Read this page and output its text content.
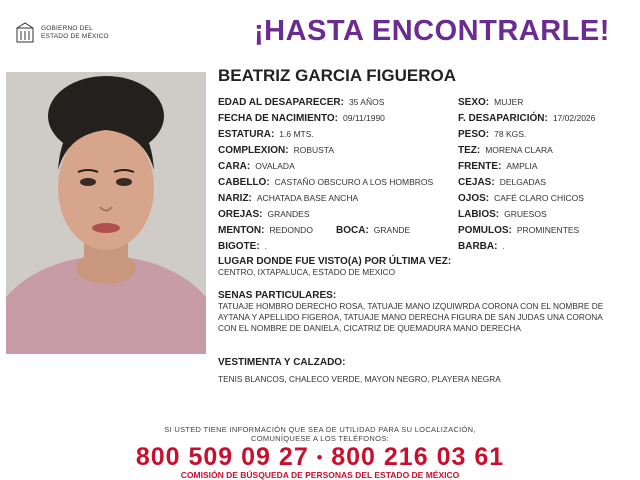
GOBIERNO DEL
ESTADO DE MÉXICO	¡HASTA ENCONTRARLE!
BEATRIZ GARCIA FIGUEROA
EDAD AL DESAPARECER: 35 AÑOS
FECHA DE NACIMIENTO: 09/11/1990
ESTATURA: 1.6 MTS.
COMPLEXION: ROBUSTA
CARA: OVALADA
CABELLO: CASTAÑO OBSCURO A LOS HOMBROS
NARIZ: ACHATADA BASE ANCHA
OREJAS: GRANDES
MENTON: REDONDO BOCA: GRANDE
BIGOTE: .
SEXO: MUJER
F. DESAPARICIÓN: 17/02/2026
PESO: 78 KGS.
TEZ: MORENA CLARA
FRENTE: AMPLIA
CEJAS: DELGADAS
OJOS: CAFÉ CLARO CHICOS
LABIOS: GRUESOS
POMULOS: PROMINENTES
BARBA: .
LUGAR DONDE FUE VISTO(A) POR ÚLTIMA VEZ:
CENTRO, IXTAPALUCA, ESTADO DE MEXICO
SENAS PARTICULARES:
TATUAJE HOMBRO DERECHO ROSA, TATUAJE MANO IZQUIWRDA CORONA CON EL NOMBRE DE AYTANA Y APELLIDO FIGEROA, TATUAJE MANO DERECHA FIGURA DE SAN JUDAS UNA CORONA CON EL NOMBRE DE DANIELA, CICATRIZ DE QUEMADURA MANO DERECHA
VESTIMENTA Y CALZADO:
TENIS BLANCOS, CHALECO VERDE, MAYON NEGRO, PLAYERA NEGRA
SI USTED TIENE INFORMACIÓN QUE SEA DE UTILIDAD PARA SU LOCALIZACIÓN,
COMUNÍQUESE A LOS TELÉFONOS:
800 509 09 27 • 800 216 03 61
COMISIÓN DE BÚSQUEDA DE PERSONAS DEL ESTADO DE MÉXICO
